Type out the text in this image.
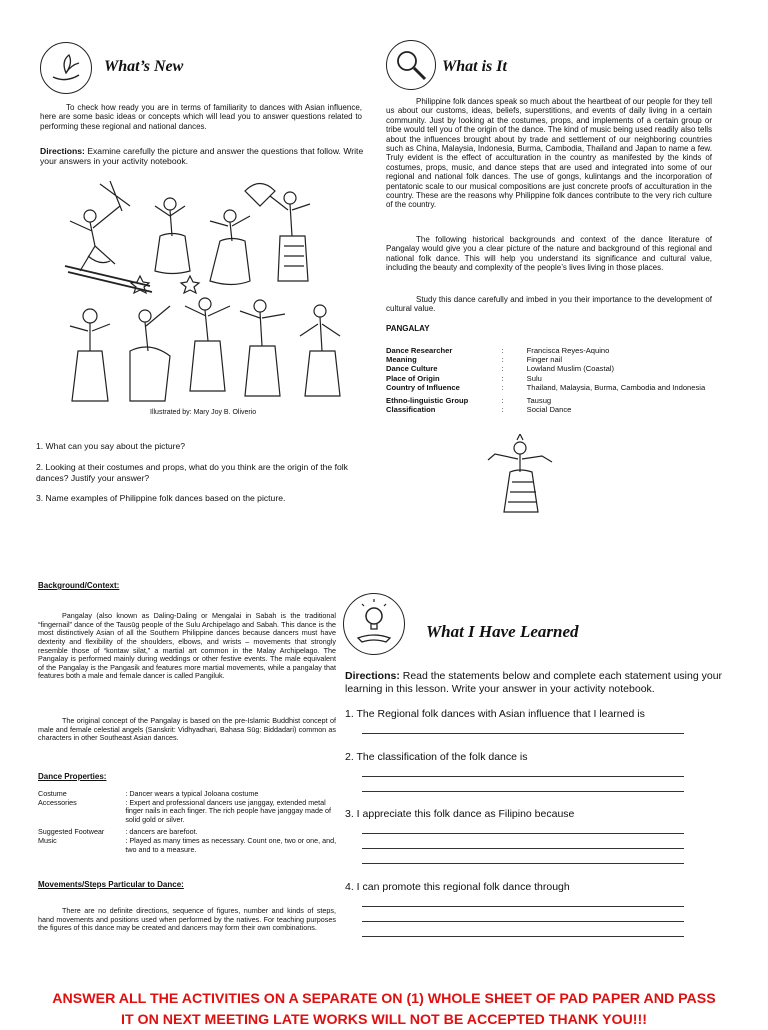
What’s New

To check how ready you are in terms of familiarity to dances with Asian influence, here are some basic ideas or concepts which will lead you to answer questions related to performing these regional and national dances.

Directions: Examine carefully the picture and answer the questions that follow. Write your answers in your activity notebook.
Illustrated by: Mary Joy B. Oliverio
1. What can you say about the picture?
2. Looking at their costumes and props, what do you think are the origin of the folk dances? Justify your answer?
3. Name examples of Philippine folk dances based on the picture.
What is It

Philippine folk dances speak so much about the heartbeat of our people for they tell us about our customs, ideas, beliefs, superstitions, and events of daily living in a certain community. Just by looking at the costumes, props, and implements of a certain group or tribe would tell you of the origin of the dance. The kind of music being used readily also tells about the influences brought about by trade and settlement of our neighboring countries such as China, Malaysia, Indonesia, Burma, Cambodia, Thailand and Japan to name a few. Truly evident is the effect of acculturation in the country as manifested by the kinds of costumes, props, music, and dance steps that are used and integrated into some of our regional and national folk dances. The use of gongs, kulintangs and the incorporation of pentatonic scale to our musical compositions are just concrete proofs of acculturation in the country. These are the reasons why Philippine folk dances contribute to the very rich culture of the country.

The following historical backgrounds and context of the dance literature of Pangalay would give you a clear picture of the nature and background of this regional and national folk dance. This will help you understand its significance and cultural value, including the beauty and complexity of the people’s lives living in those places.

Study this dance carefully and imbed in you their importance to the development of cultural value.

PANGALAY
Dance Researcher	:	Francisca Reyes-Aquino
Meaning	:	Finger nail
Dance Culture	:	Lowland Muslim (Coastal)
Place of Origin	:	Sulu
Country of Influence	:	Thailand, Malaysia, Burma, Cambodia and Indonesia
Ethno-linguistic Group	:	Tausug
Classification	:	Social Dance
Background/Context:

Pangalay (also known as Daling-Daling or Mengalai in Sabah is the traditional “fingernail” dance of the Tausūg people of the Sulu Archipelago and Sabah. This dance is the most distinctively Asian of all the Southern Philippine dances because dancers must have dexterity and flexibility of the shoulders, elbows, and wrists – movements that strongly resemble those of “kontaw silat,” a martial art common in the Malay Archipelago. The Pangalay is performed mainly during weddings or other festive events. The male equivalent of the Pangalay is the Pangasik and features more martial movements, while a pangalay that features both a male and female dancer is called Pangiluk.

The original concept of the Pangalay is based on the pre-Islamic Buddhist concept of male and female celestial angels (Sanskrit: Vidhyadhari, Bahasa Sūg: Biddadari) common as characters in other Southeast Asian dances.

Dance Properties:
Costume	: Dancer wears a typical Joloana costume
Accessories	: Expert and professional dancers use janggay, extended metal finger nails in each finger. The rich people have janggay made of solid gold or silver.
Suggested Footwear	: dancers are barefoot.
Music	: Played as many times as necessary. Count one, two or one, and, two and to a measure.
Movements/Steps Particular to Dance:

There are no definite directions, sequence of figures, number and kinds of steps, hand movements and positions used when performed by the natives. For teaching purposes the figures of this dance may be created and dancers may form their own combinations.

What I Have Learned
Directions: Read the statements below and complete each statement using your learning in this lesson. Write your answer in your activity notebook.
1. The Regional folk dances with Asian influence that I learned is
2. The classification of the folk dance is
3. I appreciate this folk dance as Filipino because
4. I can promote this regional folk dance through
ANSWER ALL THE ACTIVITIES ON A SEPARATE ON (1) WHOLE SHEET OF PAD PAPER AND PASS
IT ON NEXT MEETING LATE WORKS WILL NOT BE ACCEPTED THANK YOU!!!
